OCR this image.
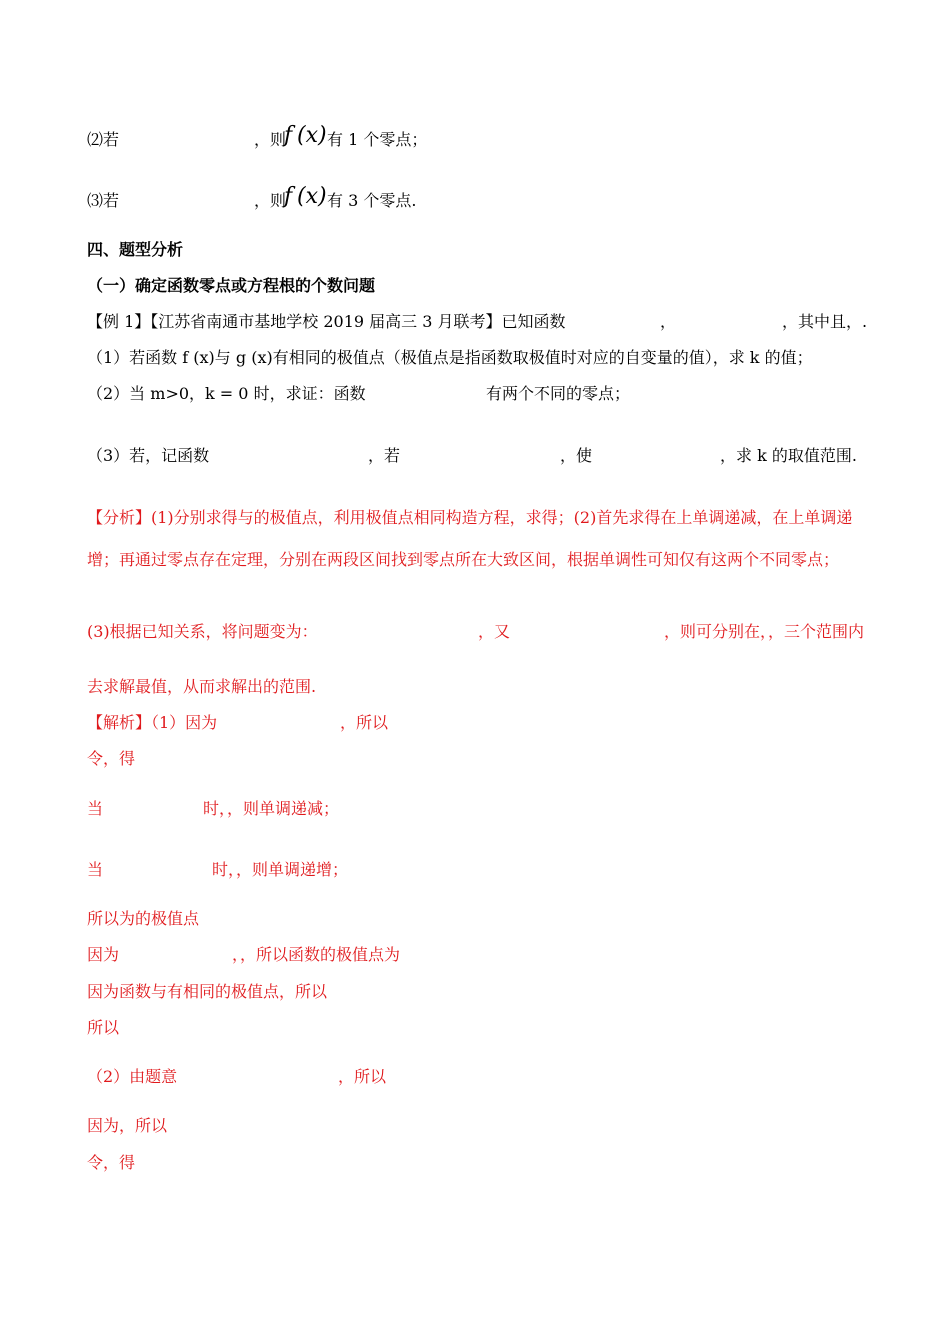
⑵若	，则
f (x) 有 1 个零点；
⑶若	，则
f (x) 有 3 个零点.
四、题型分析
（一）确定函数零点或方程根的个数问题
【例 1】【江苏省南通市基地学校 2019 届高三 3 月联考】已知函数	，	，其中且，.
（1）若函数 f (x)与 g (x)有相同的极值点（极值点是指函数取极值时对应的自变量的值），求 k 的值；
（2）当 m>0，k = 0 时，求证：函数	有两个不同的零点；
（3）若，记函数	，若	，使	，求 k 的取值范围.
【分析】(1)分别求得与的极值点，利用极值点相同构造方程，求得；(2)首先求得在上单调递减，在上单调递
增；再通过零点存在定理，分别在两段区间找到零点所在大致区间，根据单调性可知仅有这两个不同零点；
(3)根据已知关系，将问题变为：	，又	，则可分别在，，三个范围内
去求解最值，从而求解出的范围.
【解析】（1）因为	，所以
令，得
当	时，，则单调递减；
当	时，，则单调递增；
所以为的极值点
因为	，，所以函数的极值点为
因为函数与有相同的极值点，所以
所以
（2）由题意	，所以
因为，所以
令，得
